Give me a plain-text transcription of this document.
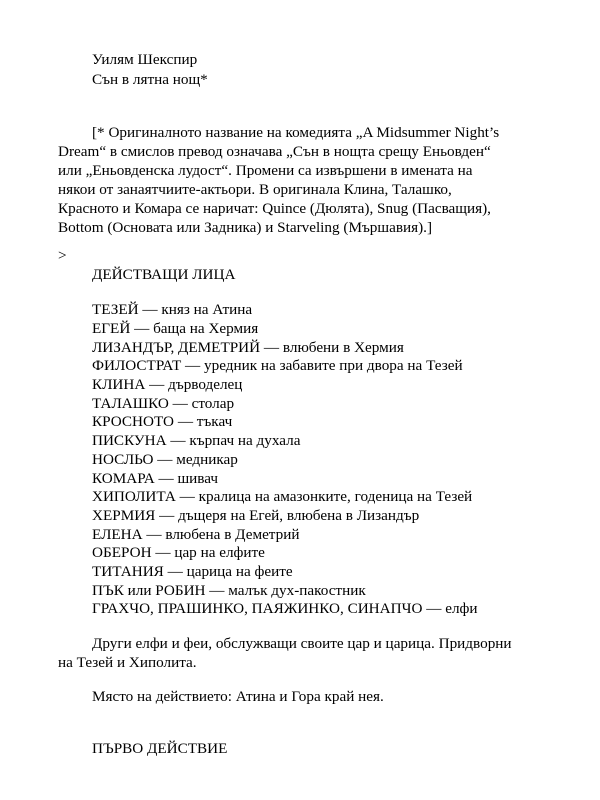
Уилям Шекспир
Сън в лятна нощ*
[* Оригиналното название на комедията „A Midsummer Night’s
Dream“ в смислов превод означава „Сън в нощта срещу Еньовден“
или „Еньовденска лудост“. Промени са извършени в имената на
някои от занаятчиите-актьори. В оригинала Клина, Талашко,
Красното и Комара се наричат: Quince (Дюлята), Snug (Пасващия),
Bottom (Основата или Задника) и Starveling (Мършавия).]
>
ДЕЙСТВАЩИ ЛИЦА
ТЕЗЕЙ — княз на Атина
ЕГЕЙ — баща на Хермия
ЛИЗАНДЪР, ДЕМЕТРИЙ — влюбени в Хермия
ФИЛОСТРАТ — уредник на забавите при двора на Тезей
КЛИНА — дърводелец
ТАЛАШКО — столар
КРОСНОТО — тъкач
ПИСКУНА — кърпач на духала
НОСЛЬО — медникар
КОМАРА — шивач
ХИПОЛИТА — кралица на амазонките, годеница на Тезей
ХЕРМИЯ — дъщеря на Егей, влюбена в Лизандър
ЕЛЕНА — влюбена в Деметрий
ОБЕРОН — цар на елфите
ТИТАНИЯ — царица на феите
ПЪК или РОБИН — малък дух-пакостник
ГРАХЧО, ПРАШИНКО, ПАЯЖИНКО, СИНАПЧО — елфи
Други елфи и феи, обслужващи своите цар и царица. Придворни
на Тезей и Хиполита.
Място на действието: Атина и Гора край нея.
ПЪРВО ДЕЙСТВИЕ
